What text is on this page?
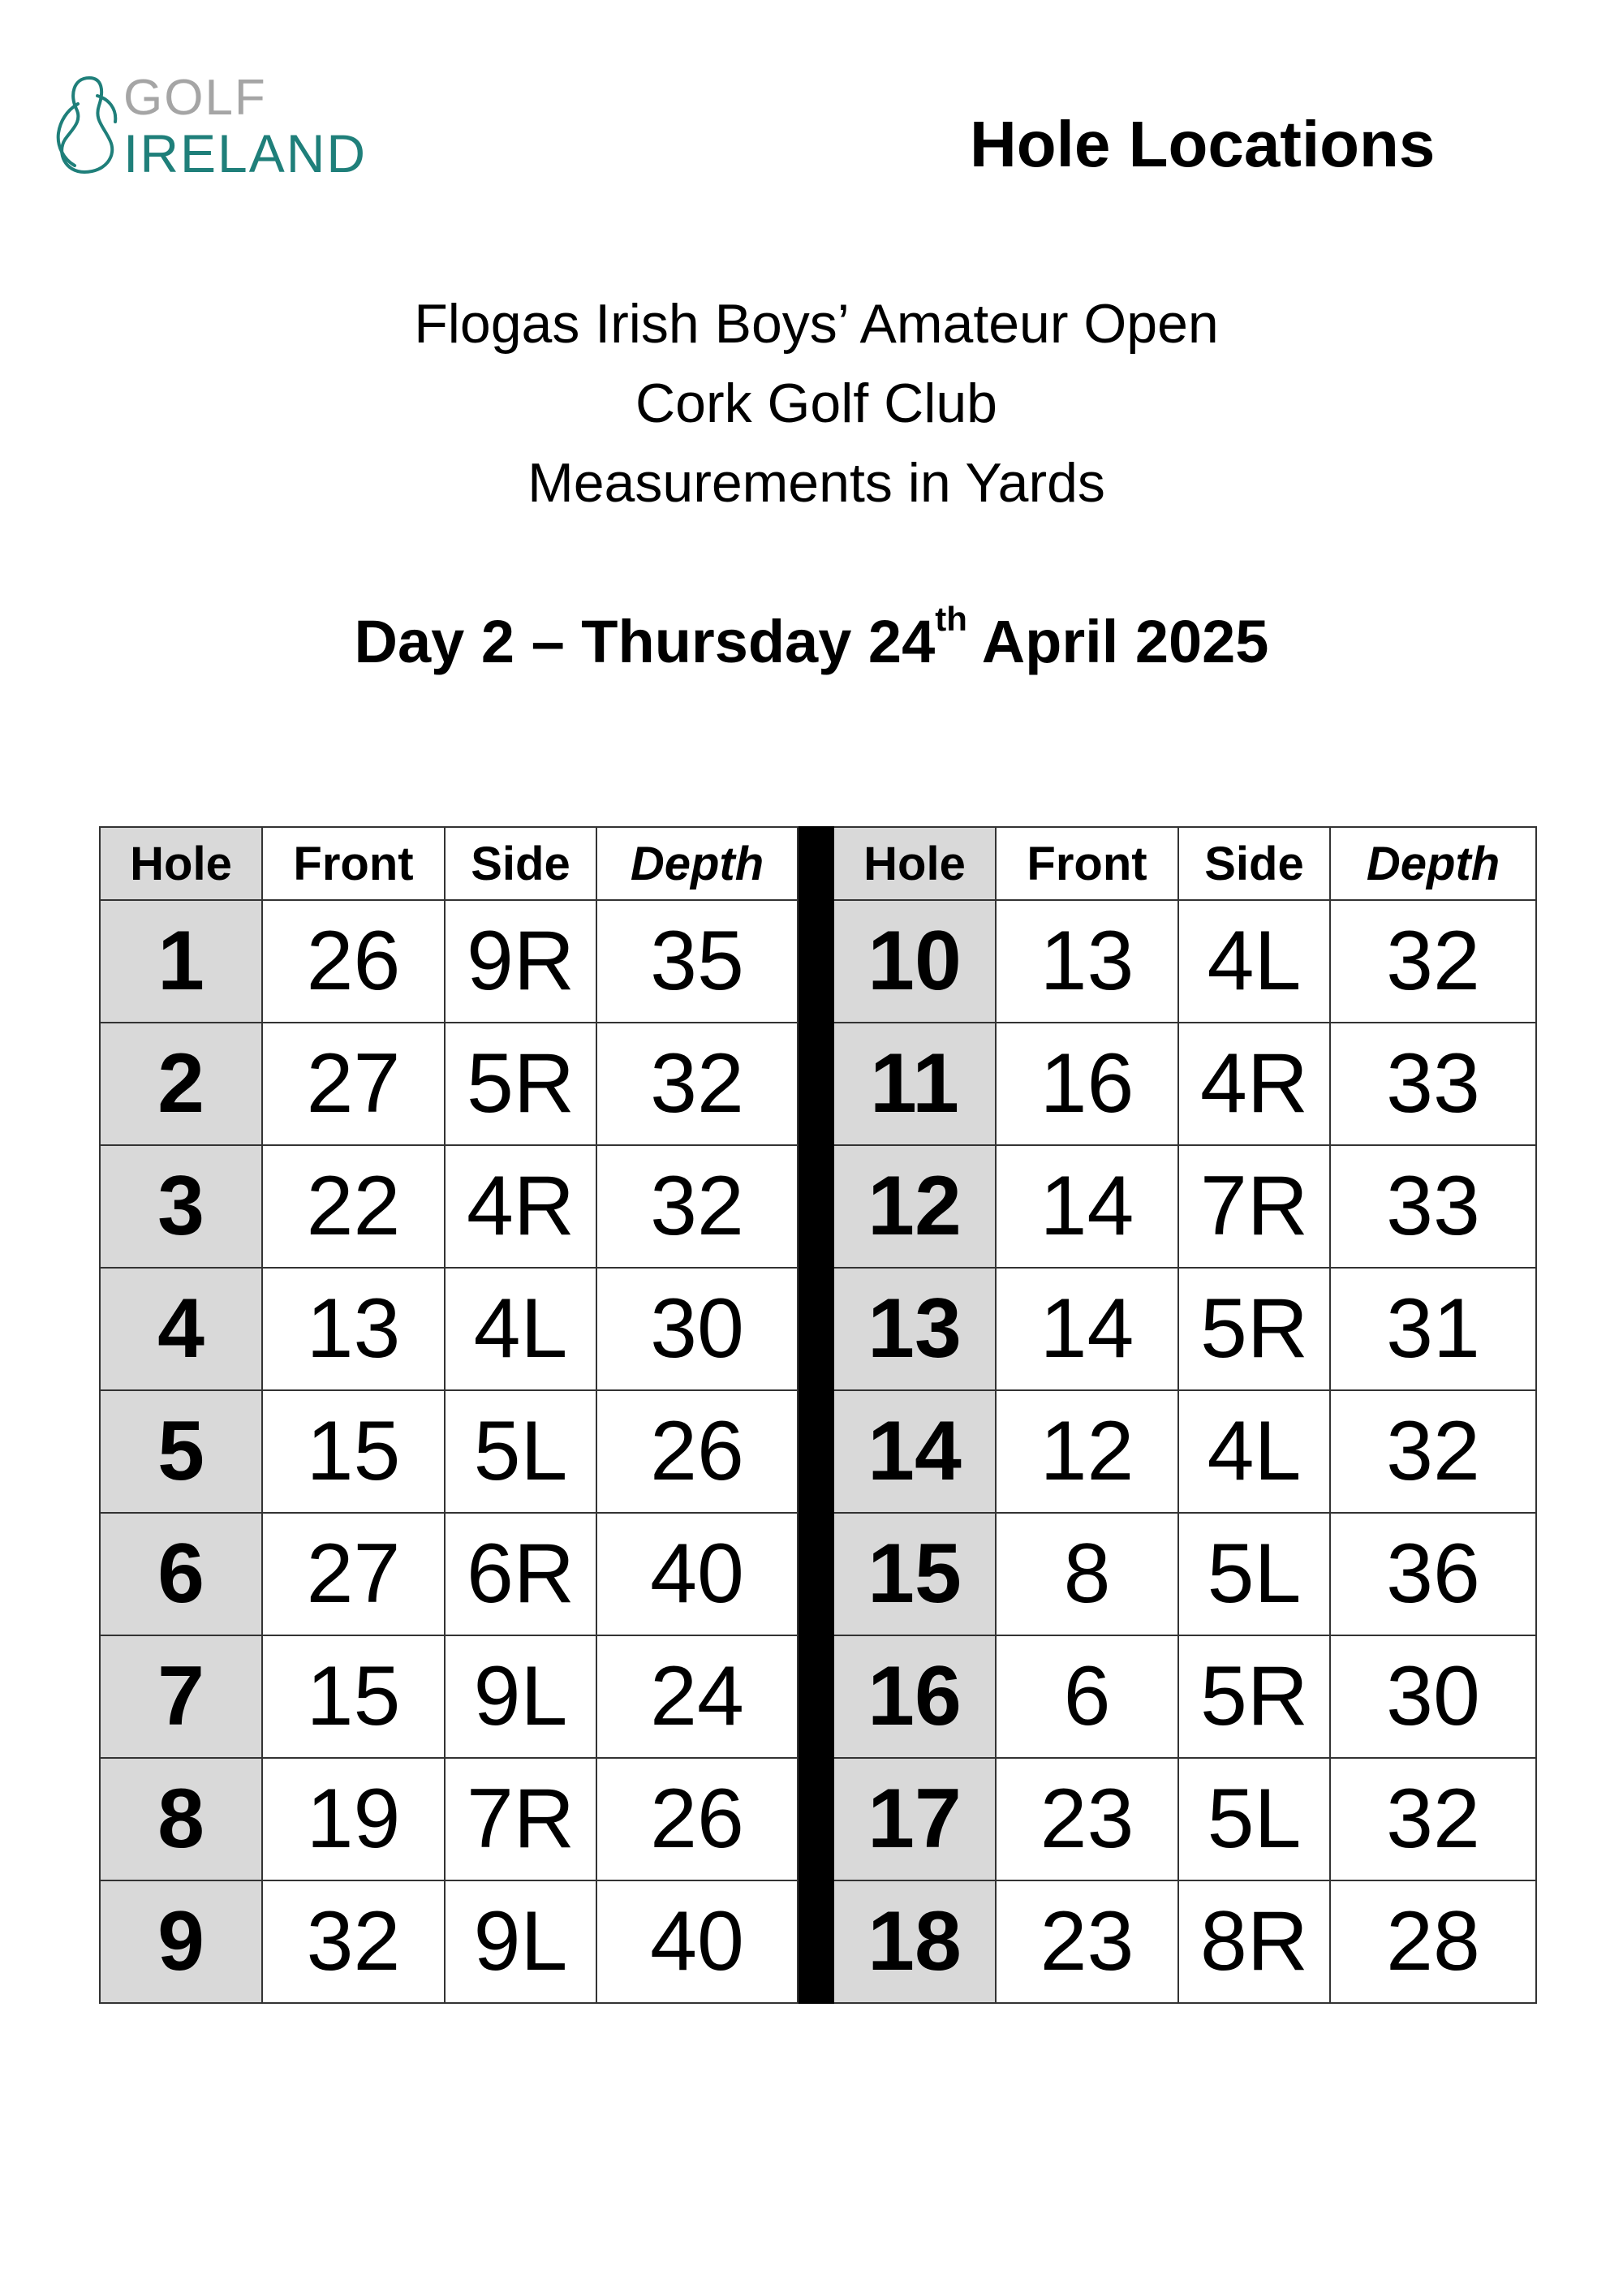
GOLF
IRELAND	Hole Locations
Flogas Irish Boys’ Amateur Open
Cork Golf Club
Measurements in Yards
Day 2 – Thursday 24th April 2025
Hole	Front	Side	Depth		Hole	Front	Side	Depth
1	26	9R	35		10	13	4L	32
2	27	5R	32		11	16	4R	33
3	22	4R	32		12	14	7R	33
4	13	4L	30		13	14	5R	31
5	15	5L	26		14	12	4L	32
6	27	6R	40		15	8	5L	36
7	15	9L	24		16	6	5R	30
8	19	7R	26		17	23	5L	32
9	32	9L	40		18	23	8R	28
